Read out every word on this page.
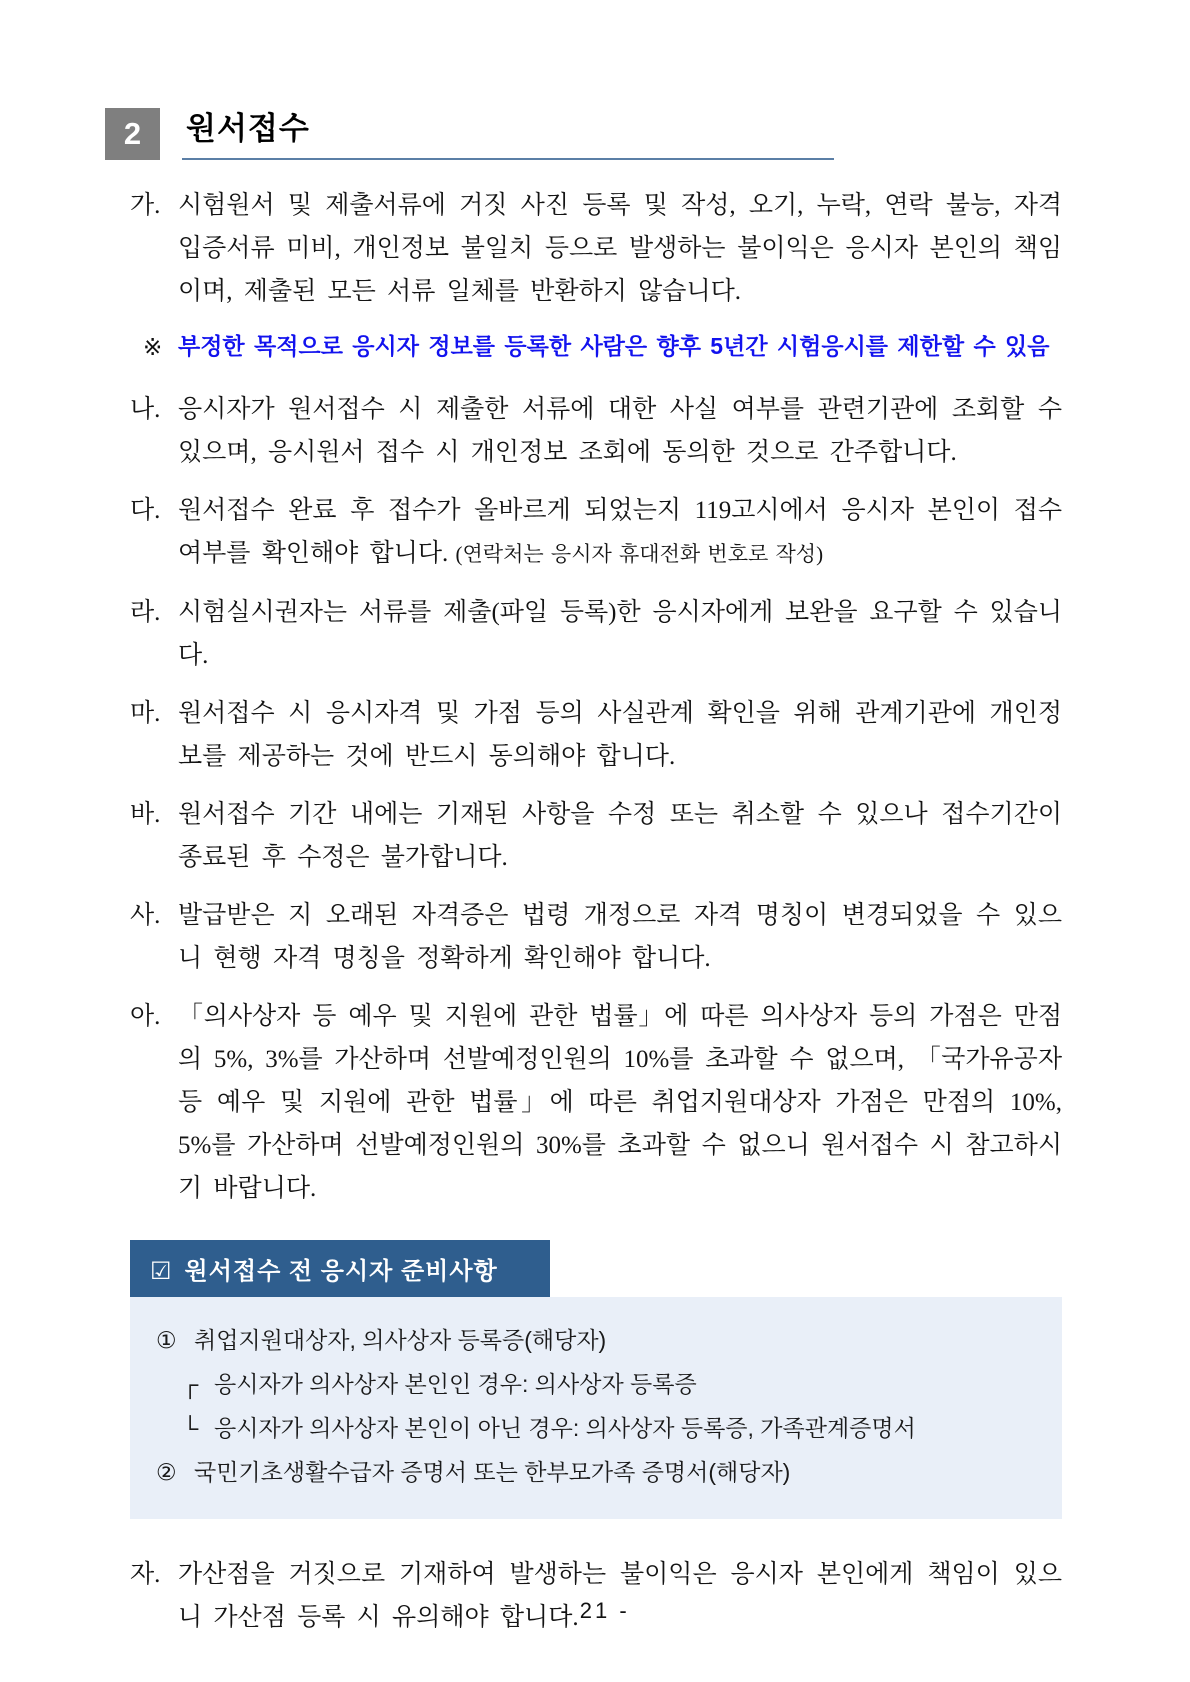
2	원서접수
가. 시험원서 및 제출서류에 거짓 사진 등록 및 작성, 오기, 누락, 연락 불능, 자격 입증서류 미비, 개인정보 불일치 등으로 발생하는 불이익은 응시자 본인의 책임이며, 제출된 모든 서류 일체를 반환하지 않습니다.
※ 부정한 목적으로 응시자 정보를 등록한 사람은 향후 5년간 시험응시를 제한할 수 있음
나. 응시자가 원서접수 시 제출한 서류에 대한 사실 여부를 관련기관에 조회할 수 있으며, 응시원서 접수 시 개인정보 조회에 동의한 것으로 간주합니다.
다. 원서접수 완료 후 접수가 올바르게 되었는지 119고시에서 응시자 본인이 접수 여부를 확인해야 합니다. (연락처는 응시자 휴대전화 번호로 작성)
라. 시험실시권자는 서류를 제출(파일 등록)한 응시자에게 보완을 요구할 수 있습니다.
마. 원서접수 시 응시자격 및 가점 등의 사실관계 확인을 위해 관계기관에 개인정보를 제공하는 것에 반드시 동의해야 합니다.
바. 원서접수 기간 내에는 기재된 사항을 수정 또는 취소할 수 있으나 접수기간이 종료된 후 수정은 불가합니다.
사. 발급받은 지 오래된 자격증은 법령 개정으로 자격 명칭이 변경되었을 수 있으니 현행 자격 명칭을 정확하게 확인해야 합니다.
아. 「의사상자 등 예우 및 지원에 관한 법률」에 따른 의사상자 등의 가점은 만점의 5%, 3%를 가산하며 선발예정인원의 10%를 초과할 수 없으며, 「국가유공자 등 예우 및 지원에 관한 법률」에 따른 취업지원대상자 가점은 만점의 10%, 5%를 가산하며 선발예정인원의 30%를 초과할 수 없으니 원서접수 시 참고하시기 바랍니다.
☑ 원서접수 전 응시자 준비사항
① 취업지원대상자, 의사상자 등록증(해당자)
┌ 응시자가 의사상자 본인인 경우: 의사상자 등록증
└ 응시자가 의사상자 본인이 아닌 경우: 의사상자 등록증, 가족관계증명서
② 국민기초생활수급자 증명서 또는 한부모가족 증명서(해당자)
자. 가산점을 거짓으로 기재하여 발생하는 불이익은 응시자 본인에게 책임이 있으니 가산점 등록 시 유의해야 합니다.
- 21 -
